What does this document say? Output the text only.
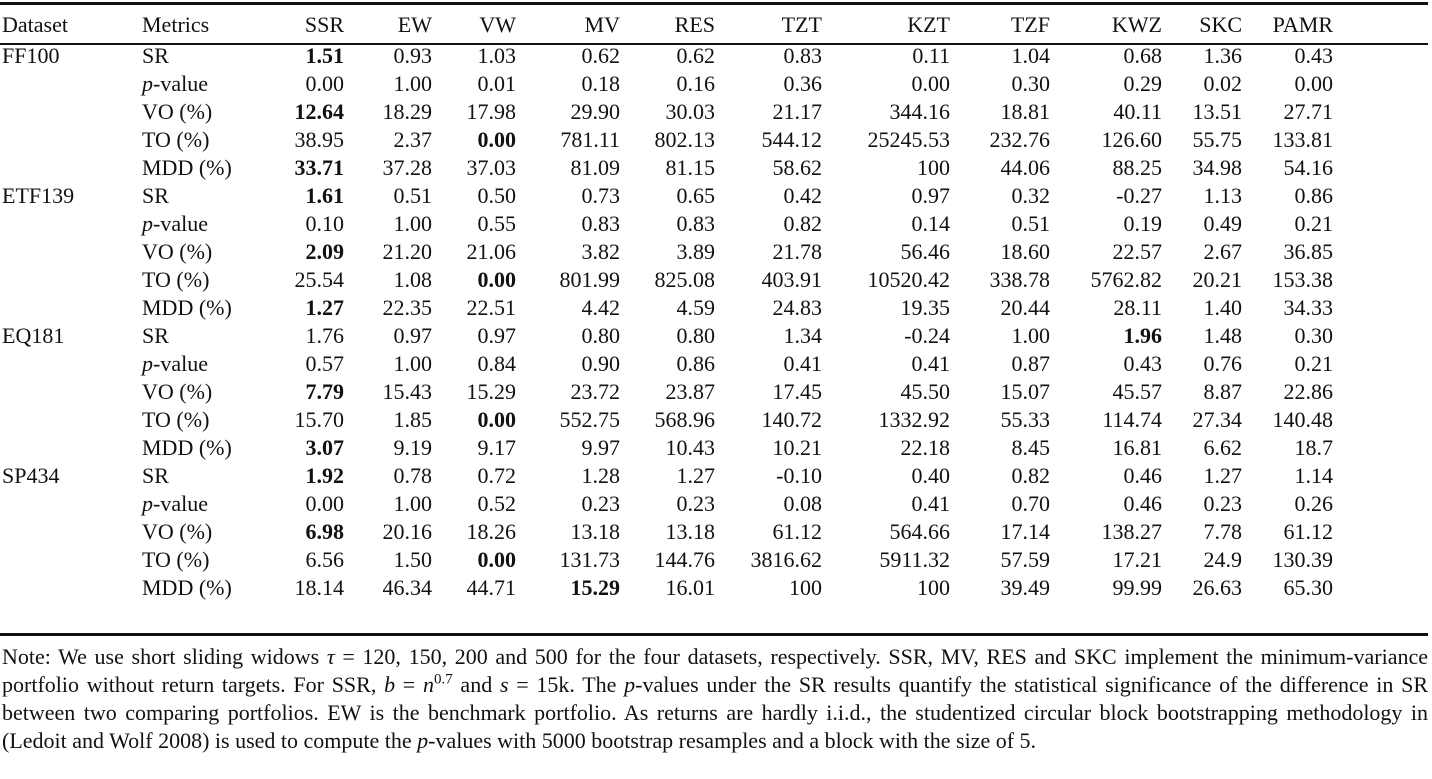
Dataset	Metrics	SSR	EW	VW	MV	RES	TZT	KZT	TZF	KWZ	SKC	PAMR
FF100	SR	1.51	0.93	1.03	0.62	0.62	0.83	0.11	1.04	0.68	1.36	0.43
	p-value	0.00	1.00	0.01	0.18	0.16	0.36	0.00	0.30	0.29	0.02	0.00
	VO (%)	12.64	18.29	17.98	29.90	30.03	21.17	344.16	18.81	40.11	13.51	27.71
	TO (%)	38.95	2.37	0.00	781.11	802.13	544.12	25245.53	232.76	126.60	55.75	133.81
	MDD (%)	33.71	37.28	37.03	81.09	81.15	58.62	100	44.06	88.25	34.98	54.16
ETF139	SR	1.61	0.51	0.50	0.73	0.65	0.42	0.97	0.32	-0.27	1.13	0.86
	p-value	0.10	1.00	0.55	0.83	0.83	0.82	0.14	0.51	0.19	0.49	0.21
	VO (%)	2.09	21.20	21.06	3.82	3.89	21.78	56.46	18.60	22.57	2.67	36.85
	TO (%)	25.54	1.08	0.00	801.99	825.08	403.91	10520.42	338.78	5762.82	20.21	153.38
	MDD (%)	1.27	22.35	22.51	4.42	4.59	24.83	19.35	20.44	28.11	1.40	34.33
EQ181	SR	1.76	0.97	0.97	0.80	0.80	1.34	-0.24	1.00	1.96	1.48	0.30
	p-value	0.57	1.00	0.84	0.90	0.86	0.41	0.41	0.87	0.43	0.76	0.21
	VO (%)	7.79	15.43	15.29	23.72	23.87	17.45	45.50	15.07	45.57	8.87	22.86
	TO (%)	15.70	1.85	0.00	552.75	568.96	140.72	1332.92	55.33	114.74	27.34	140.48
	MDD (%)	3.07	9.19	9.17	9.97	10.43	10.21	22.18	8.45	16.81	6.62	18.7
SP434	SR	1.92	0.78	0.72	1.28	1.27	-0.10	0.40	0.82	0.46	1.27	1.14
	p-value	0.00	1.00	0.52	0.23	0.23	0.08	0.41	0.70	0.46	0.23	0.26
	VO (%)	6.98	20.16	18.26	13.18	13.18	61.12	564.66	17.14	138.27	7.78	61.12
	TO (%)	6.56	1.50	0.00	131.73	144.76	3816.62	5911.32	57.59	17.21	24.9	130.39
	MDD (%)	18.14	46.34	44.71	15.29	16.01	100	100	39.49	99.99	26.63	65.30
Note: We use short sliding widows τ = 120, 150, 200 and 500 for the four datasets, respectively. SSR, MV, RES and SKC implement the minimum-variance portfolio without return targets. For SSR, $b = n^{0.7}$ and s = 15k. The p-values under the SR results quantify the statistical significance of the difference in SR between two comparing portfolios. EW is the benchmark portfolio. As returns are hardly i.i.d., the studentized circular block bootstrapping methodology in (Ledoit and Wolf 2008) is used to compute the p-values with 5000 bootstrap resamples and a block with the size of 5.
